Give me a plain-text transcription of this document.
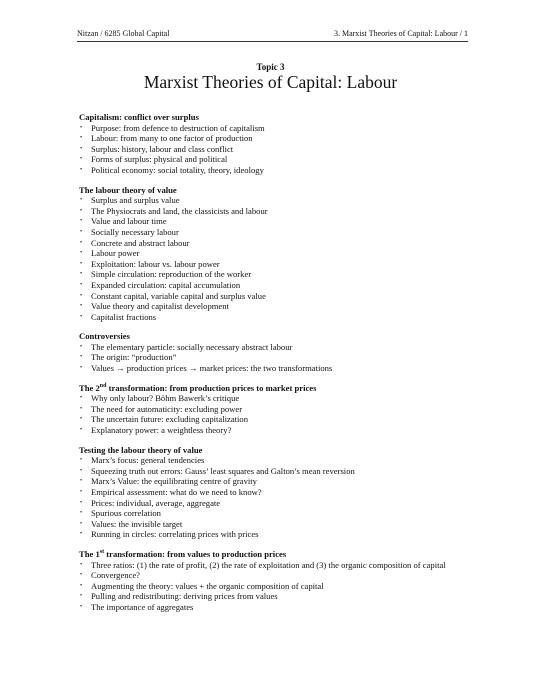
Nitzan / 6285 Global Capital	3. Marxist Theories of Capital: Labour / 1
Topic 3
Marxist Theories of Capital: Labour
Capitalism: conflict over surplus
• Purpose: from defence to destruction of capitalism
• Labour: from many to one factor of production
• Surplus: history, labour and class conflict
• Forms of surplus: physical and political
• Political economy: social totality, theory, ideology
The labour theory of value
• Surplus and surplus value
• The Physiocrats and land, the classicists and labour
• Value and labour time
• Socially necessary labour
• Concrete and abstract labour
• Labour power
• Exploitation: labour vs. labour power
• Simple circulation: reproduction of the worker
• Expanded circulation: capital accumulation
• Constant capital, variable capital and surplus value
• Value theory and capitalist development
• Capitalist fractions
Controversies
• The elementary particle: socially necessary abstract labour
• The origin: “production”
• Values → production prices → market prices: the two transformations
The 2nd transformation: from production prices to market prices
• Why only labour? Böhm Bawerk’s critique
• The need for automaticity: excluding power
• The uncertain future: excluding capitalization
• Explanatory power: a weightless theory?
Testing the labour theory of value
• Marx’s focus: general tendencies
• Squeezing truth out errors: Gauss’ least squares and Galton’s mean reversion
• Marx’s Value: the equilibrating centre of gravity
• Empirical assessment: what do we need to know?
• Prices: individual, average, aggregate
• Spurious correlation
• Values: the invisible target
• Running in circles: correlating prices with prices
The 1st transformation: from values to production prices
• Three ratios: (1) the rate of profit, (2) the rate of exploitation and (3) the organic composition of capital
• Convergence?
• Augmenting the theory: values + the organic composition of capital
• Pulling and redistributing: deriving prices from values
• The importance of aggregates
